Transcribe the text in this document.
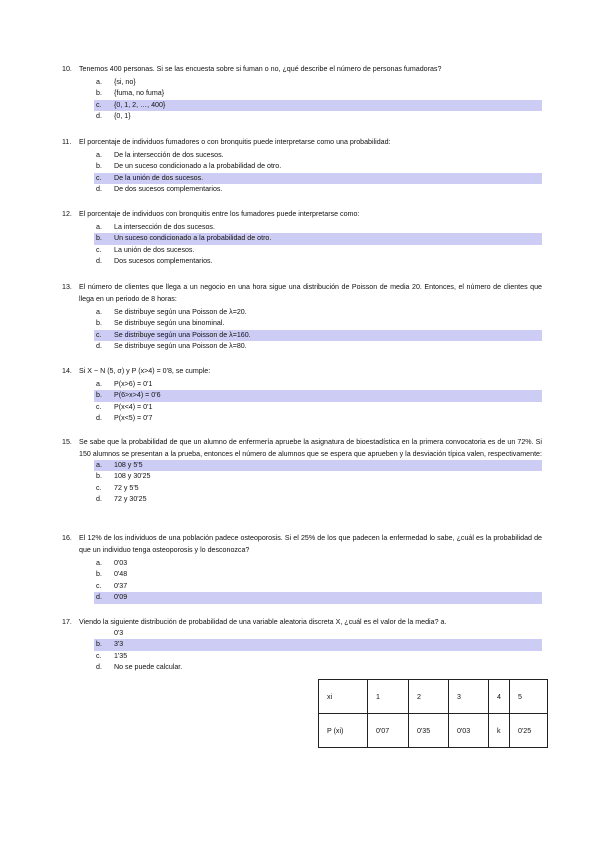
10. Tenemos 400 personas. Si se las encuesta sobre si fuman o no, ¿qué describe el número de personas fumadoras?
a. {si, no}
b. {fuma, no fuma}
c. {0, 1, 2, …, 400}
d. {0, 1}
11. El porcentaje de individuos fumadores o con bronquitis puede interpretarse como una probabilidad:
a. De la intersección de dos sucesos.
b. De un suceso condicionado a la probabilidad de otro.
c. De la unión de dos sucesos.
d. De dos sucesos complementarios.
12. El porcentaje de individuos con bronquitis entre los fumadores puede interpretarse como:
a. La intersección de dos sucesos.
b. Un suceso condicionado a la probabilidad de otro.
c. La unión de dos sucesos.
d. Dos sucesos complementarios.
13. El número de clientes que llega a un negocio en una hora sigue una distribución de Poisson de media 20. Entonces, el número de clientes que llega en un periodo de 8 horas:
a. Se distribuye según una Poisson de λ=20.
b. Se distribuye según una binominal.
c. Se distribuye según una Poisson de λ=160.
d. Se distribuye según una Poisson de λ=80.
14. Si X ~ N (5, σ) y P (x>4) = 0'8, se cumple:
a. P(x>6) = 0'1
b. P(6>x>4) = 0'6
c. P(x<4) = 0'1
d. P(x<5) = 0'7
15. Se sabe que la probabilidad de que un alumno de enfermería apruebe la asignatura de bioestadística en la primera convocatoria es de un 72%. Si 150 alumnos se presentan a la prueba, entonces el número de alumnos que se espera que aprueben y la desviación típica valen, respectivamente:
a. 108 y 5'5
b. 108 y 30'25
c. 72 y 5'5
d. 72 y 30'25
16. El 12% de los individuos de una población padece osteoporosis. Si el 25% de los que padecen la enfermedad lo sabe, ¿cuál es la probabilidad de que un individuo tenga osteoporosis y lo desconozca?
a. 0'03
b. 0'48
c. 0'37
d. 0'09
17. Viendo la siguiente distribución de probabilidad de una variable aleatoria discreta X, ¿cuál es el valor de la media? a.
0'3
b. 3'3
c. 1'35
d. No se puede calcular.
xi	1	2	3	4	5
P (xi)	0'07	0'35	0'03	k	0'25
